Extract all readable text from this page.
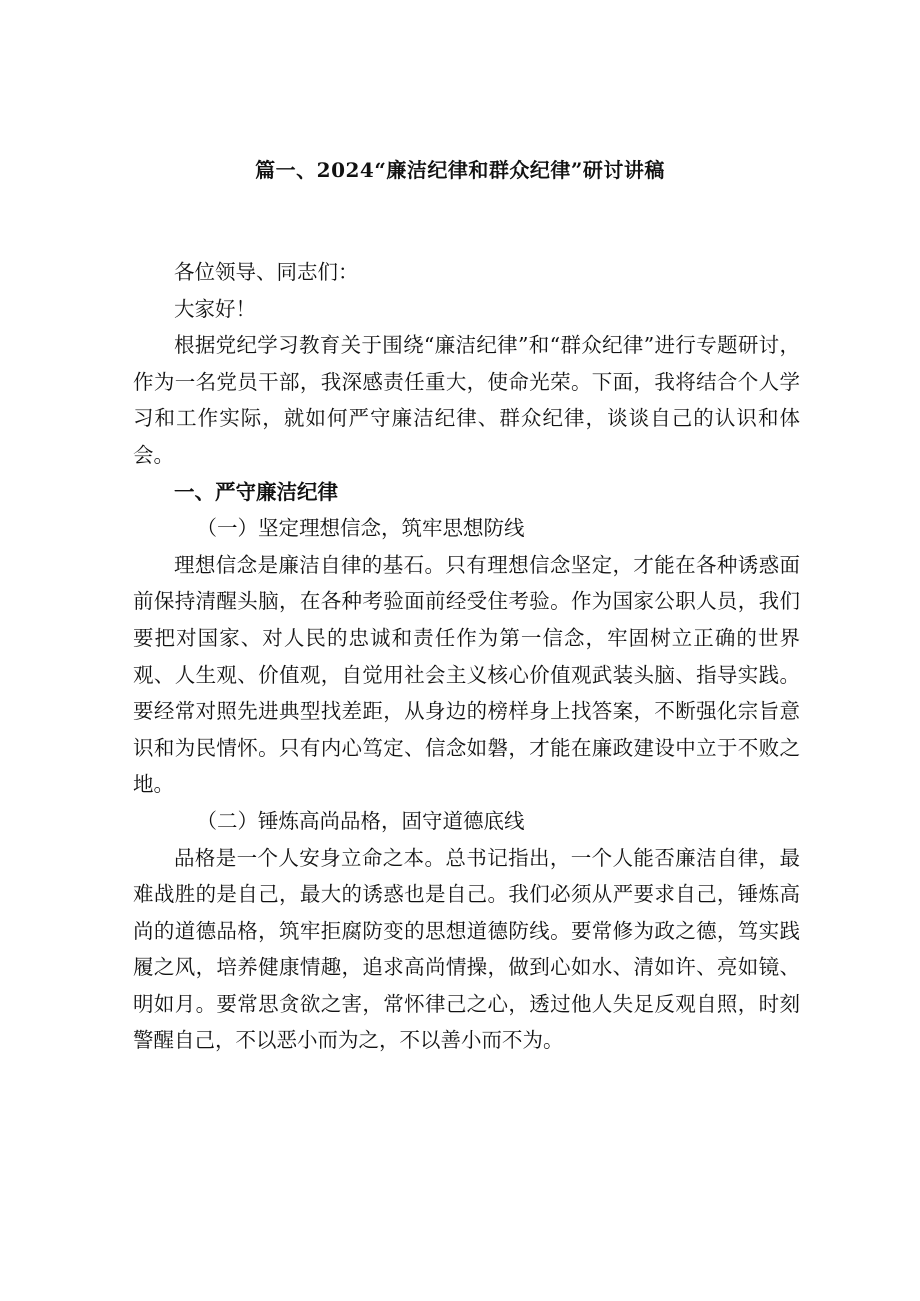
篇一、2024“廉洁纪律和群众纪律”研讨讲稿

各位领导、同志们：

大家好！

根据党纪学习教育关于围绕“廉洁纪律”和“群众纪律”进行专题研讨，作为一名党员干部，我深感责任重大，使命光荣。下面，我将结合个人学习和工作实际，就如何严守廉洁纪律、群众纪律，谈谈自己的认识和体会。

一、严守廉洁纪律

（一）坚定理想信念，筑牢思想防线

理想信念是廉洁自律的基石。只有理想信念坚定，才能在各种诱惑面前保持清醒头脑，在各种考验面前经受住考验。作为国家公职人员，我们要把对国家、对人民的忠诚和责任作为第一信念，牢固树立正确的世界观、人生观、价值观，自觉用社会主义核心价值观武装头脑、指导实践。要经常对照先进典型找差距，从身边的榜样身上找答案，不断强化宗旨意识和为民情怀。只有内心笃定、信念如磐，才能在廉政建设中立于不败之地。

（二）锤炼高尚品格，固守道德底线

品格是一个人安身立命之本。总书记指出，一个人能否廉洁自律，最难战胜的是自己，最大的诱惑也是自己。我们必须从严要求自己，锤炼高尚的道德品格，筑牢拒腐防变的思想道德防线。要常修为政之德，笃实践履之风，培养健康情趣，追求高尚情操，做到心如水、清如许、亮如镜、明如月。要常思贪欲之害，常怀律己之心，透过他人失足反观自照，时刻警醒自己，不以恶小而为之，不以善小而不为。
